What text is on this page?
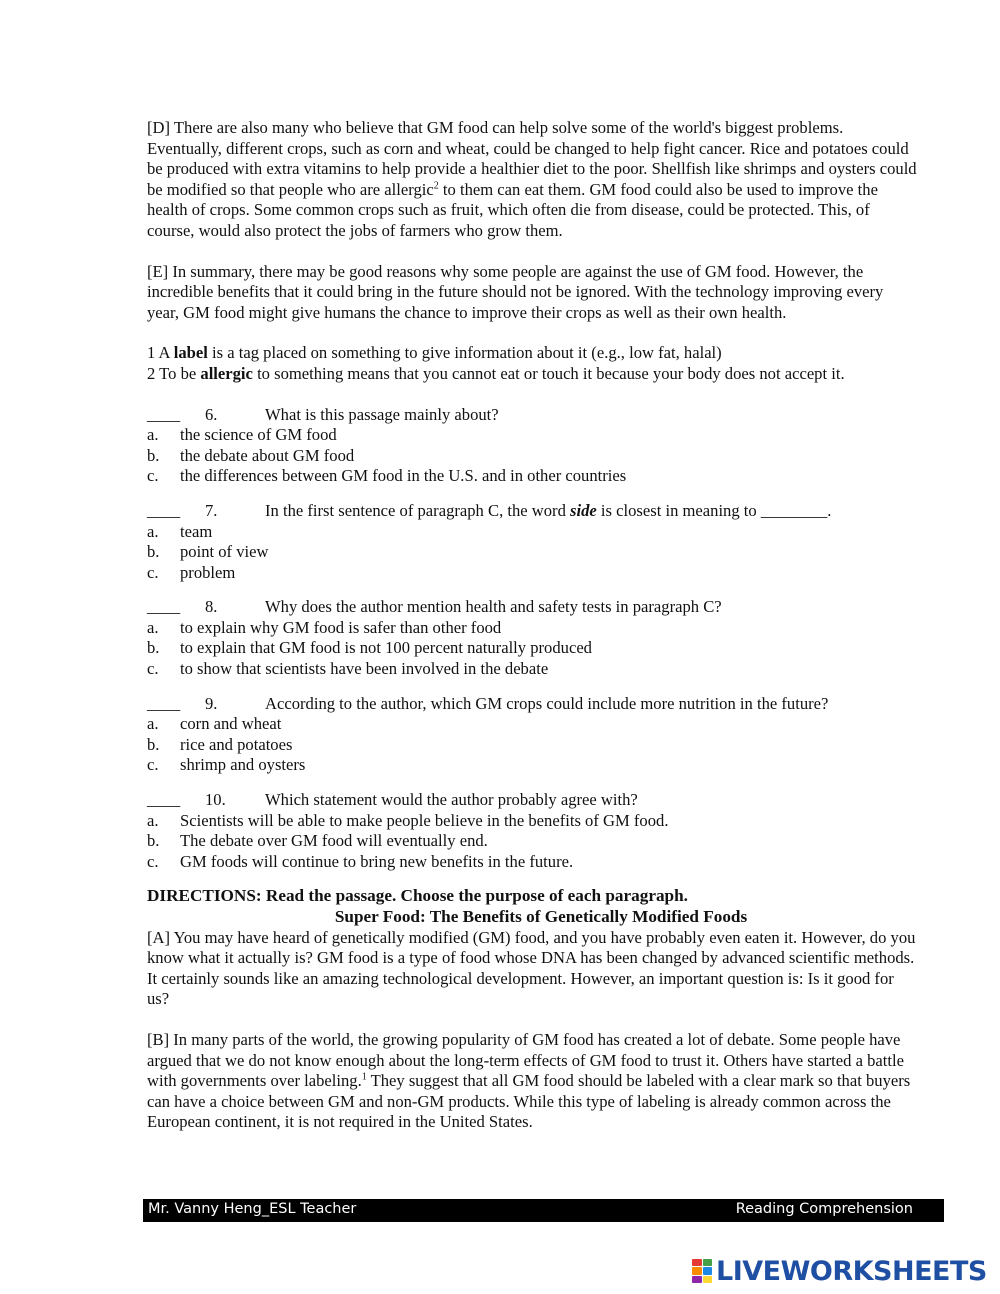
[D] There are also many who believe that GM food can help solve some of the world's biggest problems. Eventually, different crops, such as corn and wheat, could be changed to help fight cancer. Rice and potatoes could be produced with extra vitamins to help provide a healthier diet to the poor. Shellfish like shrimps and oysters could be modified so that people who are allergic$^2$ to them can eat them. GM food could also be used to improve the health of crops. Some common crops such as fruit, which often die from disease, could be protected. This, of course, would also protect the jobs of farmers who grow them.

[E] In summary, there may be good reasons why some people are against the use of GM food. However, the incredible benefits that it could bring in the future should not be ignored. With the technology improving every year, GM food might give humans the chance to improve their crops as well as their own health.

1 A label is a tag placed on something to give information about it (e.g., low fat, halal)

2 To be allergic to something means that you cannot eat or touch it because your body does not accept it.

____ 6.	What is this passage mainly about?
a. the science of GM food
b. the debate about GM food
c. the differences between GM food in the U.S. and in other countries
____ 7.	In the first sentence of paragraph C, the word side is closest in meaning to ________.
a. team
b. point of view
c. problem
____ 8.	Why does the author mention health and safety tests in paragraph C?
a. to explain why GM food is safer than other food
b. to explain that GM food is not 100 percent naturally produced
c. to show that scientists have been involved in the debate
____ 9.	According to the author, which GM crops could include more nutrition in the future?
a. corn and wheat
b. rice and potatoes
c. shrimp and oysters
____ 10. Which statement would the author probably agree with?
a. Scientists will be able to make people believe in the benefits of GM food.
b. The debate over GM food will eventually end.
c. GM foods will continue to bring new benefits in the future.

DIRECTIONS: Read the passage. Choose the purpose of each paragraph.

Super Food: The Benefits of Genetically Modified Foods

[A] You may have heard of genetically modified (GM) food, and you have probably even eaten it. However, do you know what it actually is? GM food is a type of food whose DNA has been changed by advanced scientific methods. It certainly sounds like an amazing technological development. However, an important question is: Is it good for us?

[B] In many parts of the world, the growing popularity of GM food has created a lot of debate. Some people have argued that we do not know enough about the long-term effects of GM food to trust it. Others have started a battle with governments over labeling.$^1$ They suggest that all GM food should be labeled with a clear mark so that buyers can have a choice between GM and non-GM products. While this type of labeling is already common across the European continent, it is not required in the United States.

Mr. Vanny Heng_ESL Teacher	Reading Comprehension
LIVEWORKSHEETS
